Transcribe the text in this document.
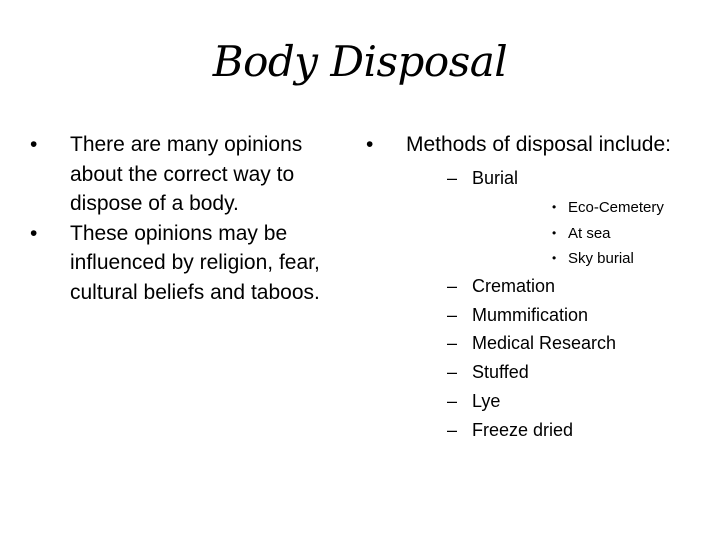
Body Disposal
• There are many opinions about the correct way to dispose of a body.
• These opinions may be influenced by religion, fear, cultural beliefs and taboos.
• Methods of disposal include:
– Burial
• Eco-Cemetery
• At sea
• Sky burial
– Cremation
– Mummification
– Medical Research
– Stuffed
– Lye
– Freeze dried
